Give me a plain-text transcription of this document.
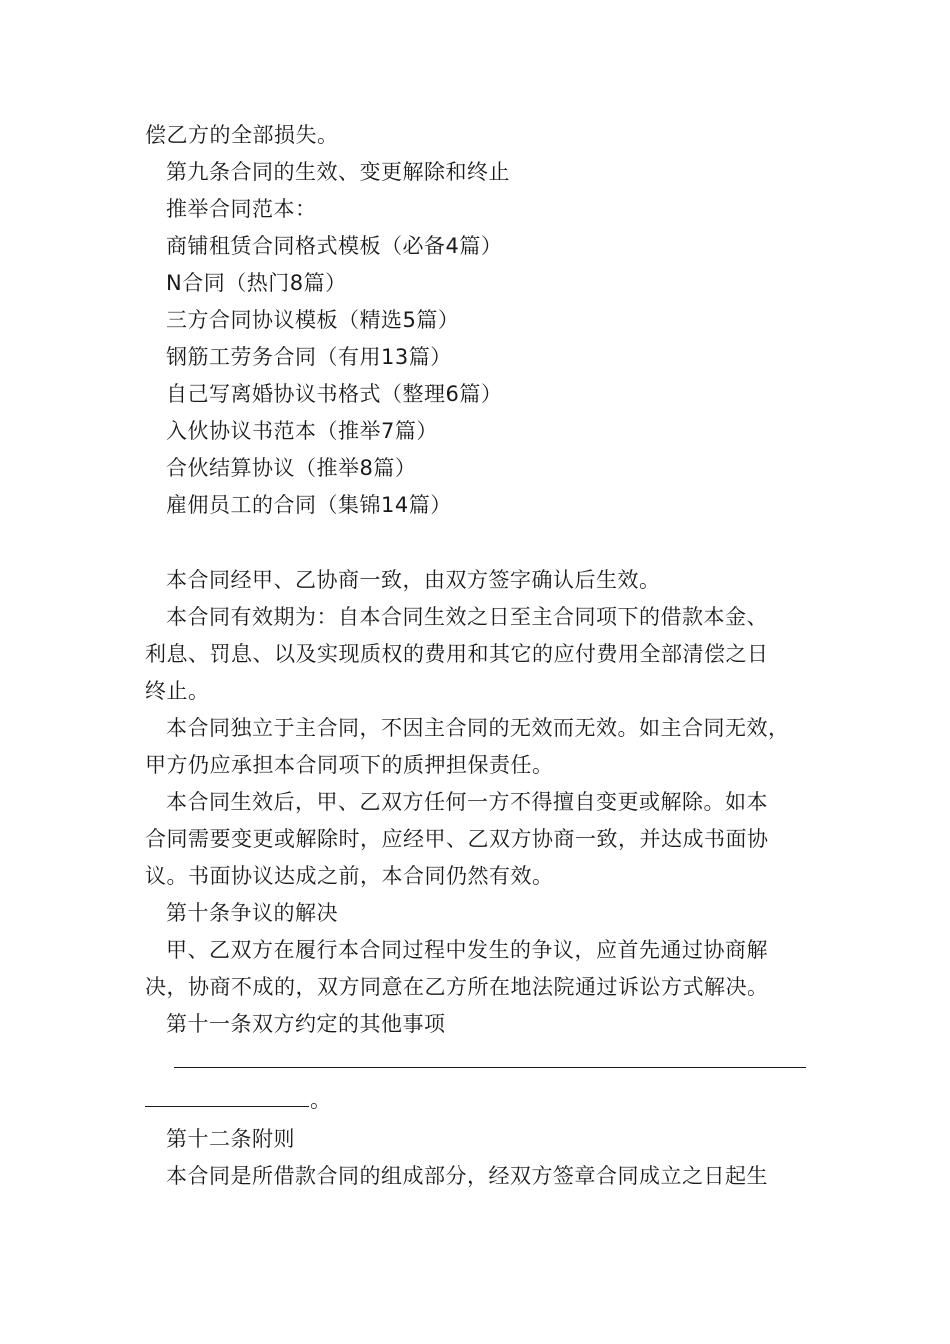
偿乙方的全部损失。
第九条合同的生效、变更解除和终止
推举合同范本：
商铺租赁合同格式模板（必备4篇）
N合同（热门8篇）
三方合同协议模板（精选5篇）
钢筋工劳务合同（有用13篇）
自己写离婚协议书格式（整理6篇）
入伙协议书范本（推举7篇）
合伙结算协议（推举8篇）
雇佣员工的合同（集锦14篇）
本合同经甲、乙协商一致，由双方签字确认后生效。
本合同有效期为：自本合同生效之日至主合同项下的借款本金、
利息、罚息、以及实现质权的费用和其它的应付费用全部清偿之日
终止。
本合同独立于主合同，不因主合同的无效而无效。如主合同无效，
甲方仍应承担本合同项下的质押担保责任。
本合同生效后，甲、乙双方任何一方不得擅自变更或解除。如本
合同需要变更或解除时，应经甲、乙双方协商一致，并达成书面协
议。书面协议达成之前，本合同仍然有效。
第十条争议的解决
甲、乙双方在履行本合同过程中发生的争议，应首先通过协商解
决，协商不成的，双方同意在乙方所在地法院通过诉讼方式解决。
第十一条双方约定的其他事项
。
第十二条附则
本合同是所借款合同的组成部分，经双方签章合同成立之日起生
